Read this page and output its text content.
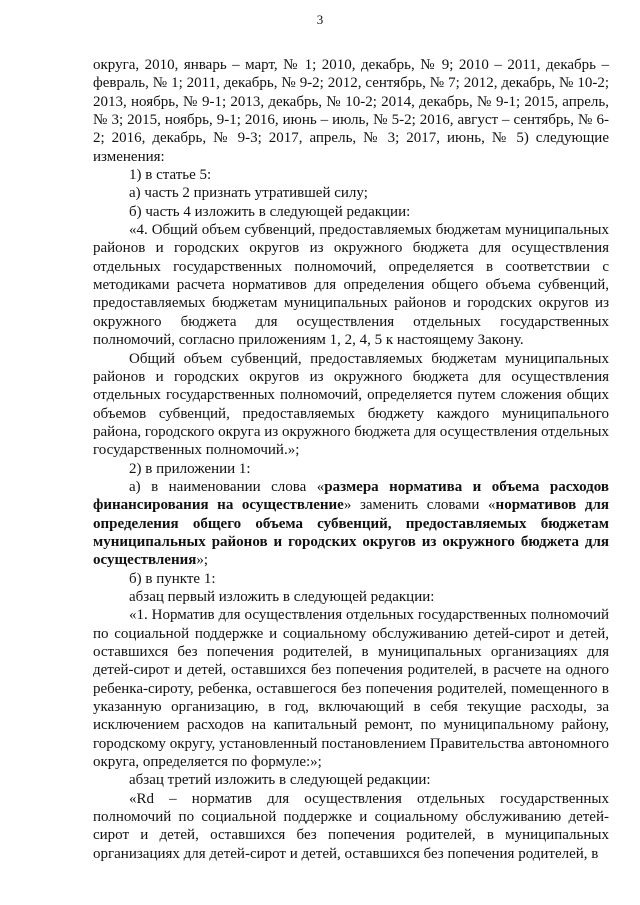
3

округа, 2010, январь – март, № 1; 2010, декабрь, № 9; 2010 – 2011, декабрь – февраль, № 1; 2011, декабрь, № 9-2; 2012, сентябрь, № 7; 2012, декабрь, № 10-2; 2013, ноябрь, № 9-1; 2013, декабрь, № 10-2; 2014, декабрь, № 9-1; 2015, апрель, № 3; 2015, ноябрь, 9-1; 2016, июнь – июль, № 5-2; 2016, август – сентябрь, № 6-2; 2016, декабрь, № 9-3; 2017, апрель, № 3; 2017, июнь, № 5) следующие изменения:

1) в статье 5:

а) часть 2 признать утратившей силу;

б) часть 4 изложить в следующей редакции:

«4. Общий объем субвенций, предоставляемых бюджетам муниципальных районов и городских округов из окружного бюджета для осуществления отдельных государственных полномочий, определяется в соответствии с методиками расчета нормативов для определения общего объема субвенций, предоставляемых бюджетам муниципальных районов и городских округов из окружного бюджета для осуществления отдельных государственных полномочий, согласно приложениям 1, 2, 4, 5 к настоящему Закону.

Общий объем субвенций, предоставляемых бюджетам муниципальных районов и городских округов из окружного бюджета для осуществления отдельных государственных полномочий, определяется путем сложения общих объемов субвенций, предоставляемых бюджету каждого муниципального района, городского округа из окружного бюджета для осуществления отдельных государственных полномочий.»;

2) в приложении 1:

а) в наименовании слова «размера норматива и объема расходов финансирования на осуществление» заменить словами «нормативов для определения общего объема субвенций, предоставляемых бюджетам муниципальных районов и городских округов из окружного бюджета для осуществления»;

б) в пункте 1:

абзац первый изложить в следующей редакции:

«1. Норматив для осуществления отдельных государственных полномочий по социальной поддержке и социальному обслуживанию детей-сирот и детей, оставшихся без попечения родителей, в муниципальных организациях для детей-сирот и детей, оставшихся без попечения родителей, в расчете на одного ребенка-сироту, ребенка, оставшегося без попечения родителей, помещенного в указанную организацию, в год, включающий в себя текущие расходы, за исключением расходов на капитальный ремонт, по муниципальному району, городскому округу, установленный постановлением Правительства автономного округа, определяется по формуле:»;

абзац третий изложить в следующей редакции:

«Rd – норматив для осуществления отдельных государственных полномочий по социальной поддержке и социальному обслуживанию детей-сирот и детей, оставшихся без попечения родителей, в муниципальных организациях для детей-сирот и детей, оставшихся без попечения родителей, в
